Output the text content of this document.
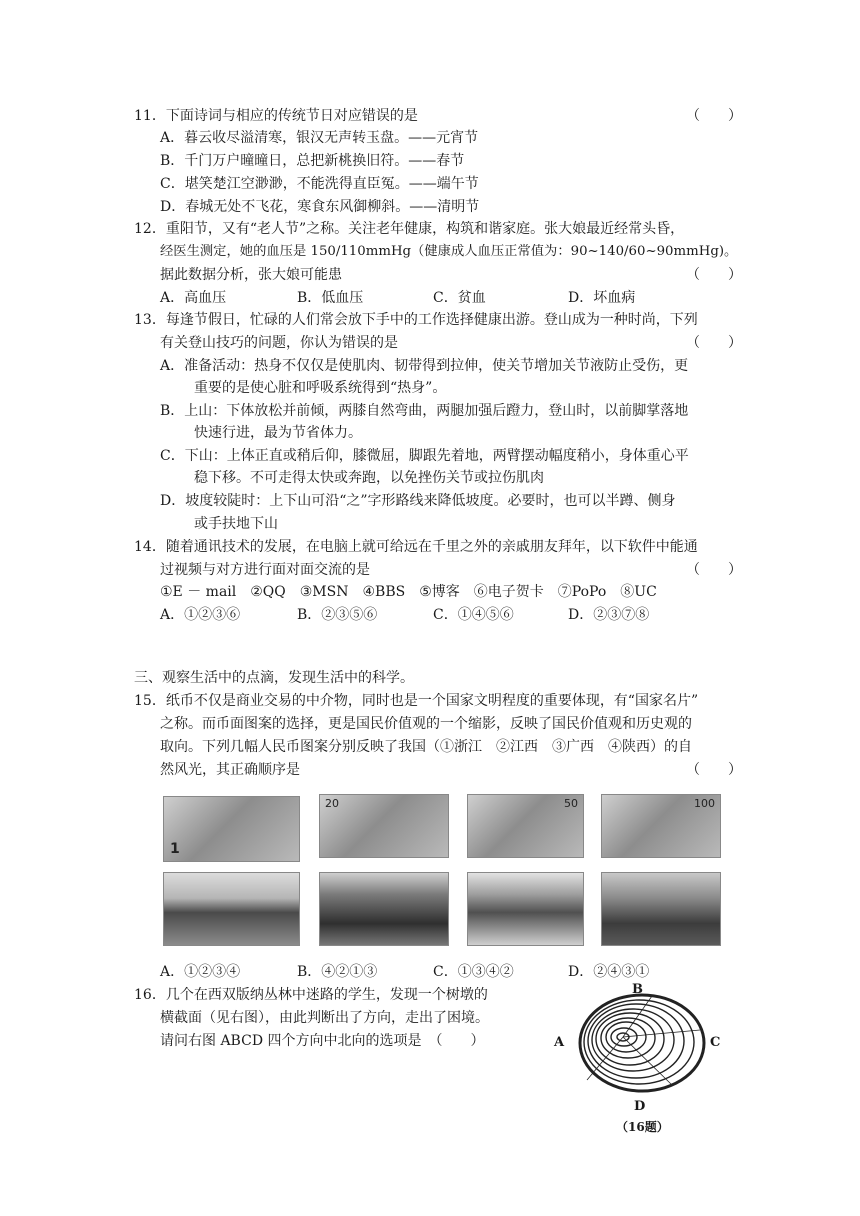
11．下面诗词与相应的传统节日对应错误的是	（　　）
A．暮云收尽溢清寒，银汉无声转玉盘。——元宵节
B．千门万户曈曈日，总把新桃换旧符。——春节
C．堪笑楚江空渺渺，不能洗得直臣冤。——端午节
D．春城无处不飞花，寒食东风御柳斜。——清明节
12．重阳节，又有“老人节”之称。关注老年健康，构筑和谐家庭。张大娘最近经常头昏，
经医生测定，她的血压是 150/110mmHg（健康成人血压正常值为：90~140/60~90mmHg)。
据此数据分析，张大娘可能患	（　　）
A．高血压	B．低血压	C．贫血	D．坏血病
13．每逢节假日，忙碌的人们常会放下手中的工作选择健康出游。登山成为一种时尚，下列
有关登山技巧的问题，你认为错误的是	（　　）
A．准备活动：热身不仅仅是使肌肉、韧带得到拉伸，使关节增加关节液防止受伤，更
重要的是使心脏和呼吸系统得到“热身”。
B．上山：下体放松并前倾，两膝自然弯曲，两腿加强后蹬力，登山时，以前脚掌落地
快速行进，最为节省体力。
C．下山：上体正直或稍后仰，膝微屈，脚跟先着地，两臂摆动幅度稍小，身体重心平
稳下移。不可走得太快或奔跑，以免挫伤关节或拉伤肌肉
D．坡度较陡时：上下山可沿“之”字形路线来降低坡度。必要时，也可以半蹲、侧身
或手扶地下山
14．随着通讯技术的发展，在电脑上就可给远在千里之外的亲戚朋友拜年，以下软件中能通
过视频与对方进行面对面交流的是	（　　）
①E － mail　②QQ　③MSN　④BBS　⑤博客　⑥电子贺卡　⑦PoPo　⑧UC
A．①②③⑥	B．②③⑤⑥	C．①④⑤⑥	D．②③⑦⑧
三、观察生活中的点滴，发现生活中的科学。
15．纸币不仅是商业交易的中介物，同时也是一个国家文明程度的重要体现，有“国家名片”
之称。而币面图案的选择，更是国民价值观的一个缩影，反映了国民价值观和历史观的
取向。下列几幅人民币图案分别反映了我国（①浙江　②江西　③广西　④陕西）的自
然风光，其正确顺序是	（　　）
1
20	50	100
A．①②③④	B．④②①③	C．①③④②	D．②④③①
16．几个在西双版纳丛林中迷路的学生，发现一个树墩的
横截面（见右图），由此判断出了方向，走出了困境。
请问右图 ABCD 四个方向中北向的选项是　（　　）
B
A	C
D
（16题）
